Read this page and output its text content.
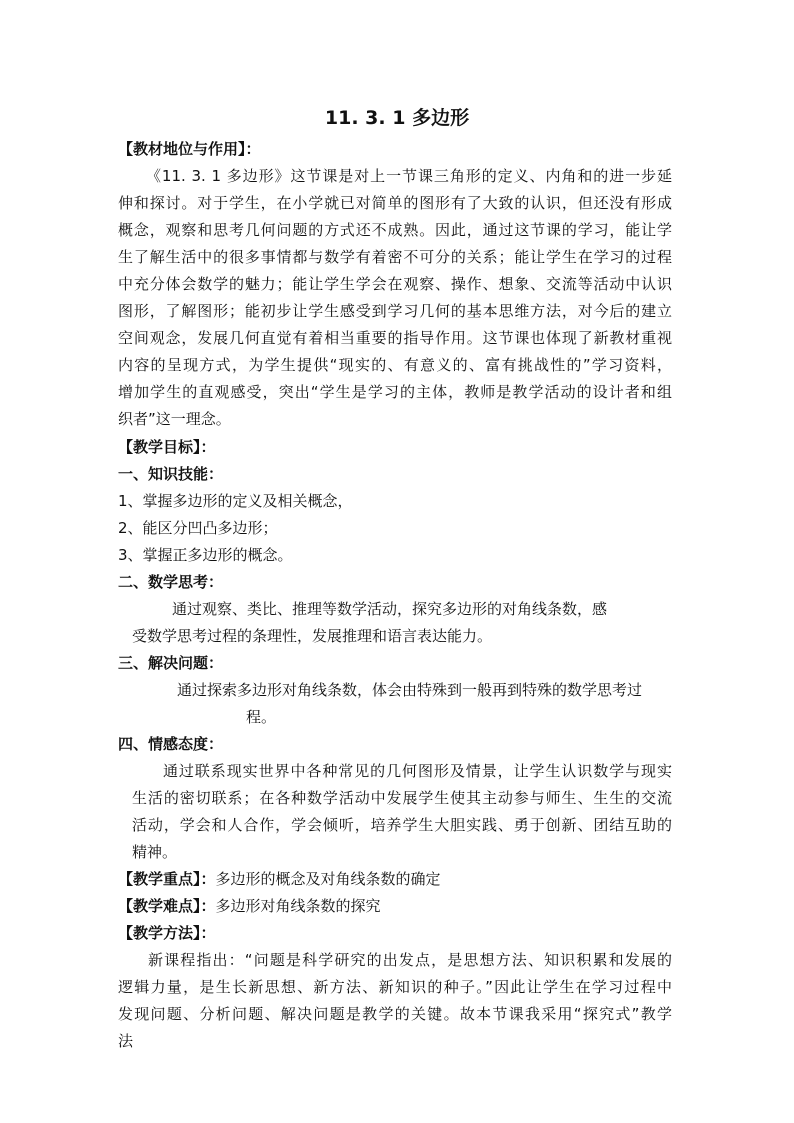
11. 3. 1 多边形
【教材地位与作用】：
《11. 3. 1 多边形》这节课是对上一节课三角形的定义、内角和的进一步延
伸和探讨。对于学生，在小学就已对简单的图形有了大致的认识，但还没有形成
概念，观察和思考几何问题的方式还不成熟。因此，通过这节课的学习，能让学
生了解生活中的很多事情都与数学有着密不可分的关系；能让学生在学习的过程
中充分体会数学的魅力；能让学生学会在观察、操作、想象、交流等活动中认识
图形，了解图形；能初步让学生感受到学习几何的基本思维方法，对今后的建立
空间观念，发展几何直觉有着相当重要的指导作用。这节课也体现了新教材重视
内容的呈现方式，为学生提供“现实的、有意义的、富有挑战性的”学习资料，
增加学生的直观感受，突出“学生是学习的主体，教师是教学活动的设计者和组
织者”这一理念。
【教学目标】：
一、知识技能：
1、掌握多边形的定义及相关概念，
2、能区分凹凸多边形；
3、掌握正多边形的概念。
二、数学思考：
通过观察、类比、推理等数学活动，探究多边形的对角线条数，感
受数学思考过程的条理性，发展推理和语言表达能力。
三、解决问题：
通过探索多边形对角线条数，体会由特殊到一般再到特殊的数学思考过
程。
四、情感态度：
通过联系现实世界中各种常见的几何图形及情景，让学生认识数学与现实
生活的密切联系；在各种数学活动中发展学生使其主动参与师生、生生的交流
活动，学会和人合作，学会倾听，培养学生大胆实践、勇于创新、团结互助的
精神。
【教学重点】：多边形的概念及对角线条数的确定
【教学难点】：多边形对角线条数的探究
【教学方法】：
新课程指出：“问题是科学研究的出发点，是思想方法、知识积累和发展的
逻辑力量，是生长新思想、新方法、新知识的种子。”因此让学生在学习过程中
发现问题、分析问题、解决问题是教学的关键。故本节课我采用“探究式”教学
法
